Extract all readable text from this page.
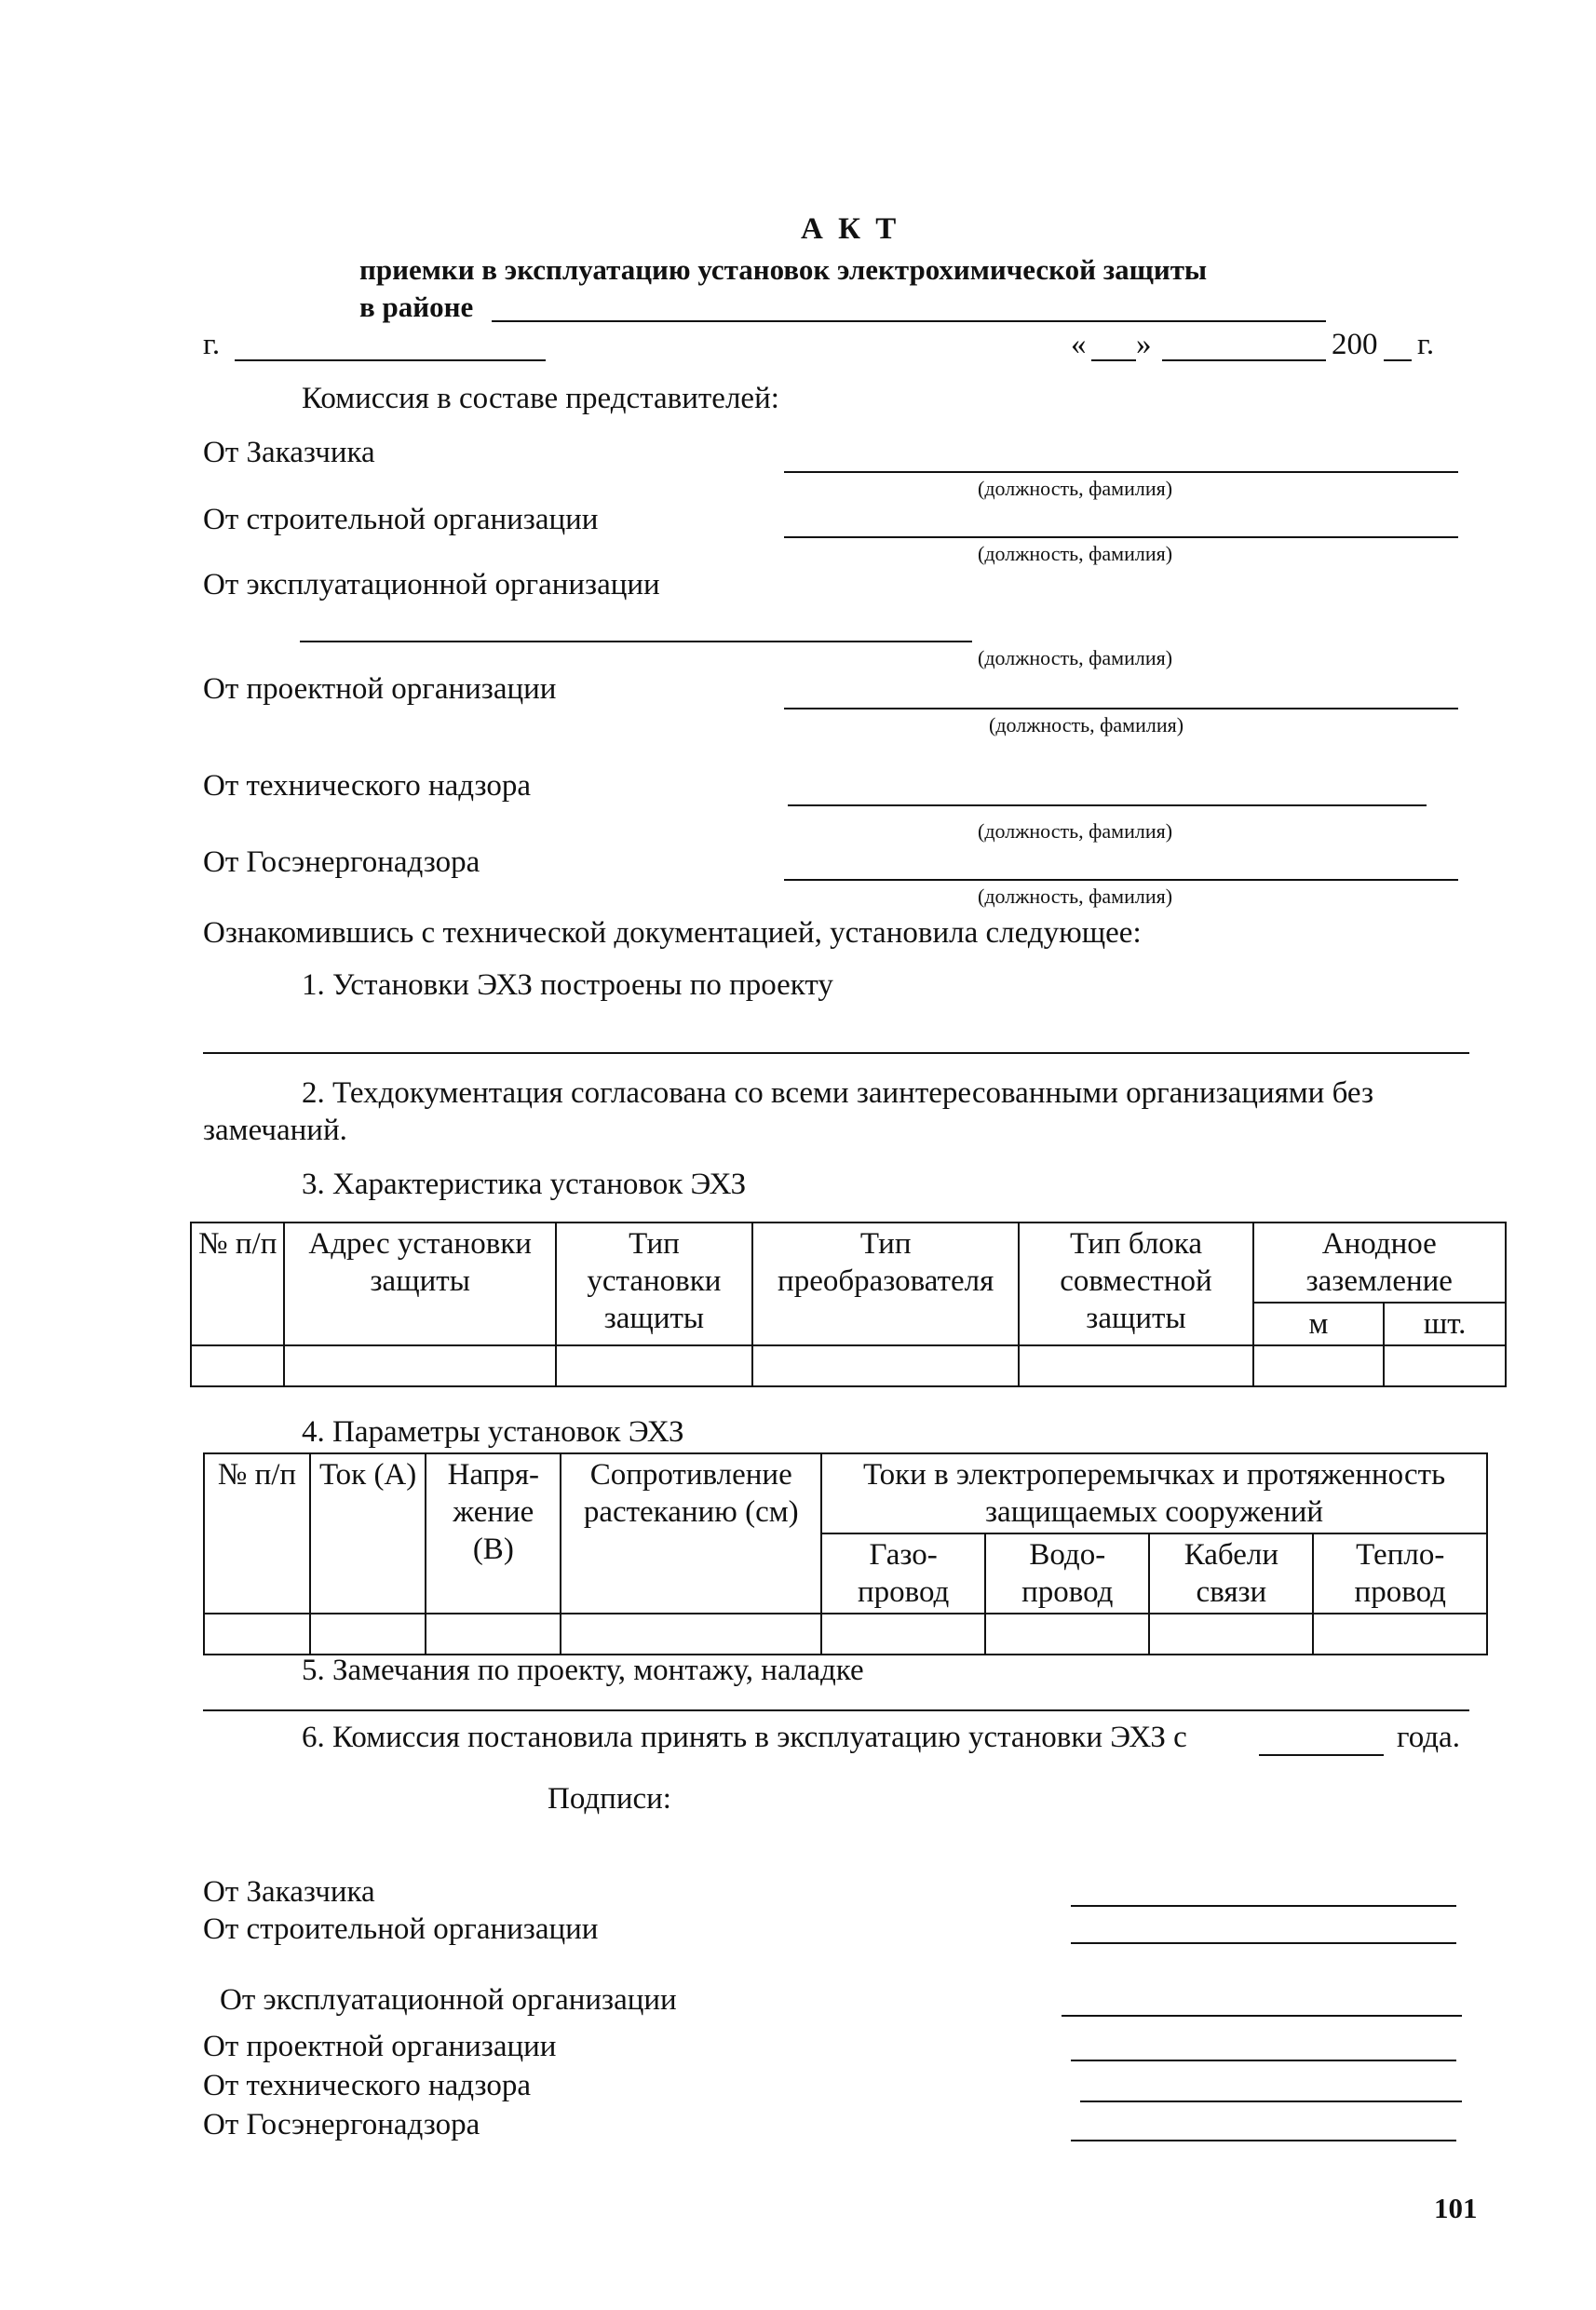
А К Т
приемки в эксплуатацию установок электрохимической защиты
в районе
г.	« »	200 г.
Комиссия в составе представителей:
От Заказчика
(должность, фамилия)
От строительной организации
(должность, фамилия)
От эксплуатационной организации
(должность, фамилия)
От проектной организации
(должность, фамилия)
От технического надзора
(должность, фамилия)
От Госэнергонадзора
(должность, фамилия)
Ознакомившись с технической документацией, установила следующее:
1. Установки ЭХЗ построены по проекту
2. Техдокументация согласована со всеми заинтересованными организациями без
замечаний.
3. Характеристика установок ЭХЗ
№ п/п	Адрес установки защиты	Тип установки защиты	Тип преобразователя	Тип блока совместной защиты	Анодное заземление	
					м	шт.

4. Параметры установок ЭХЗ
№ п/п	Ток (А)	Напря-жение (В)	Сопротивление растеканию (см)	Токи в электроперемычках и протяженность защищаемых сооружений			
				Газо-провод	Водо-провод	Кабели связи	Тепло-провод

5. Замечания по проекту, монтажу, наладке
6. Комиссия постановила принять в эксплуатацию установки ЭХЗ с	года.
Подписи:
От Заказчика
От строительной организации
От эксплуатационной организации
От проектной организации
От технического надзора
От Госэнергонадзора
101
